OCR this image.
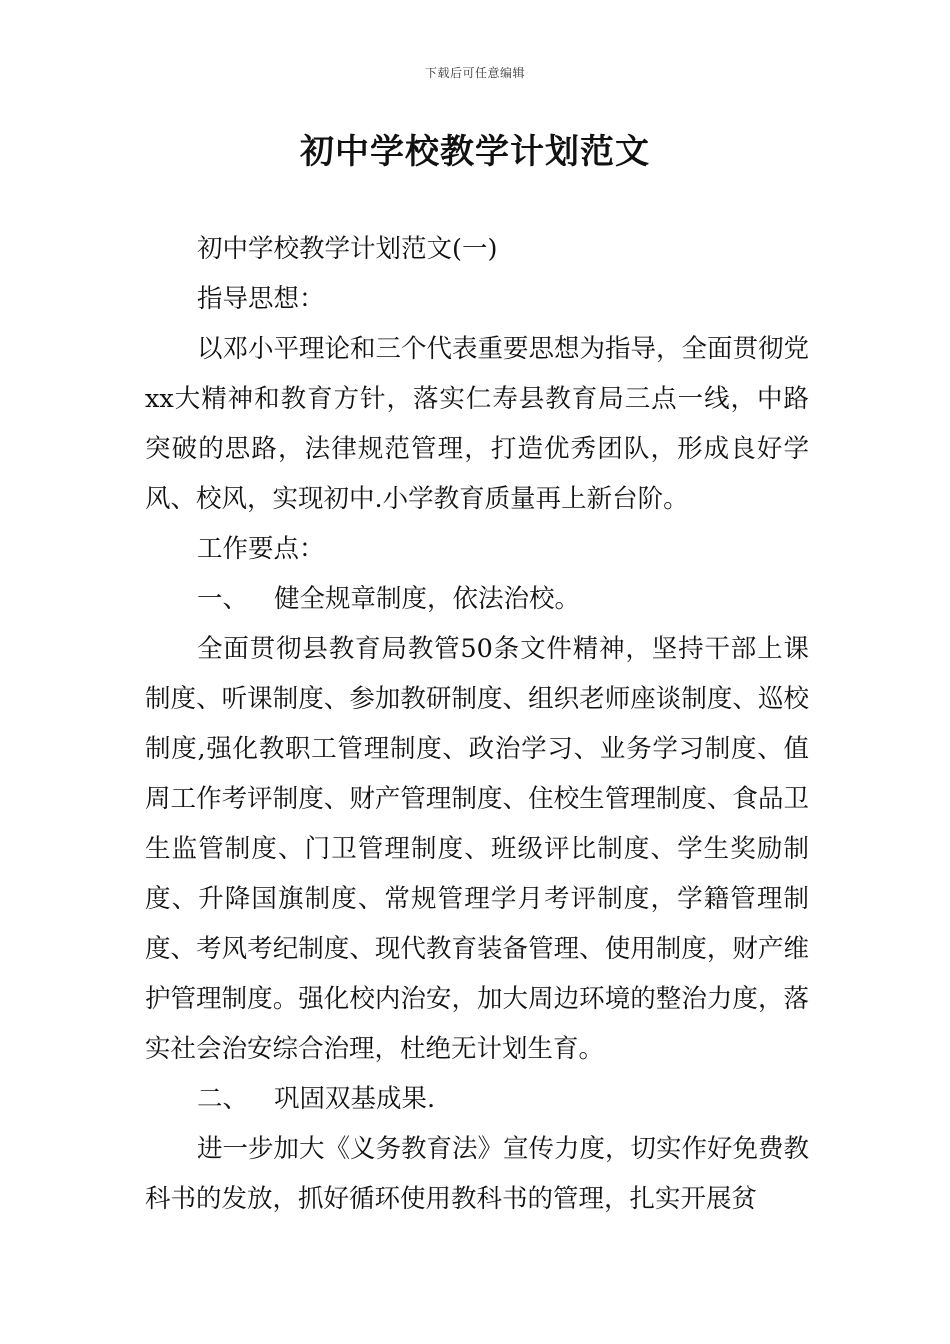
下载后可任意编辑
初中学校教学计划范文

初中学校教学计划范文(一)

指导思想：

以邓小平理论和三个代表重要思想为指导，全面贯彻党xx大精神和教育方针，落实仁寿县教育局三点一线，中路突破的思路，法律规范管理，打造优秀团队，形成良好学风、校风，实现初中.小学教育质量再上新台阶。

工作要点：

一、 健全规章制度，依法治校。

全面贯彻县教育局教管50条文件精神，坚持干部上课制度、听课制度、参加教研制度、组织老师座谈制度、巡校制度,强化教职工管理制度、政治学习、业务学习制度、值周工作考评制度、财产管理制度、住校生管理制度、食品卫生监管制度、门卫管理制度、班级评比制度、学生奖励制度、升降国旗制度、常规管理学月考评制度，学籍管理制度、考风考纪制度、现代教育装备管理、使用制度，财产维护管理制度。强化校内治安，加大周边环境的整治力度，落实社会治安综合治理，杜绝无计划生育。

二、 巩固双基成果.

进一步加大《义务教育法》宣传力度，切实作好免费教科书的发放，抓好循环使用教科书的管理，扎实开展贫
